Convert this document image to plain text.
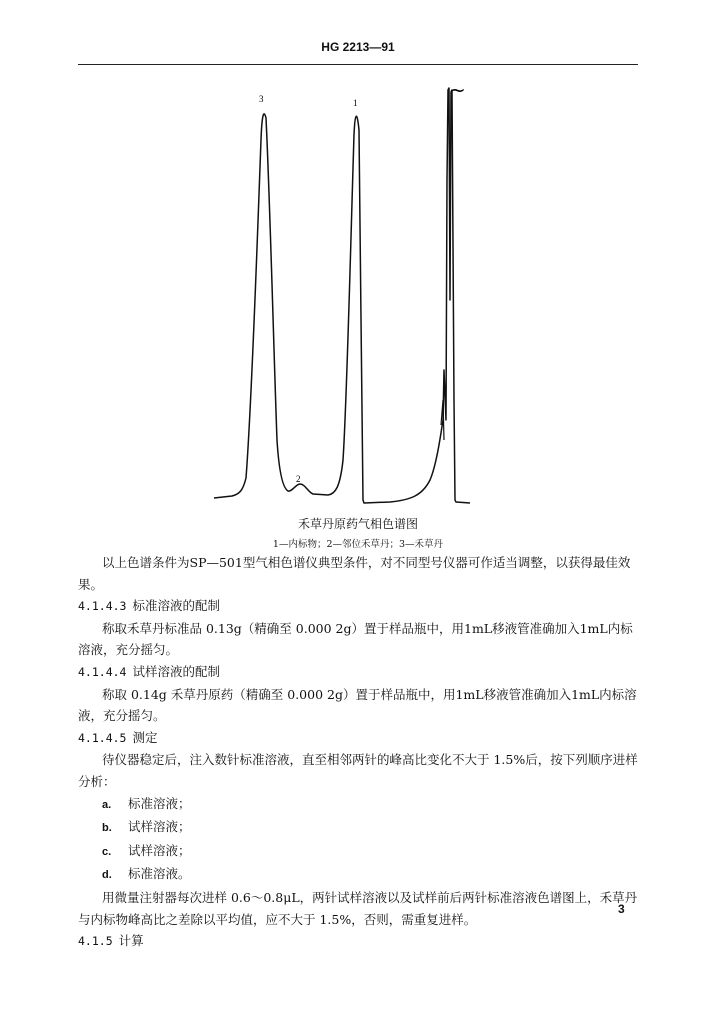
HG 2213—91
3	1
2
~
禾草丹原药气相色谱图
1—内标物；2—邻位禾草丹；3—禾草丹

以上色谱条件为SP—501型气相色谱仪典型条件，对不同型号仪器可作适当调整，以获得最佳效果。

4.1.4.3 标准溶液的配制

称取禾草丹标准品 0.13g（精确至 0.000 2g）置于样品瓶中，用1mL移液管准确加入1mL内标溶液，充分摇匀。

4.1.4.4 试样溶液的配制

称取 0.14g 禾草丹原药（精确至 0.000 2g）置于样品瓶中，用1mL移液管准确加入1mL内标溶液，充分摇匀。

4.1.4.5 测定

待仪器稳定后，注入数针标准溶液，直至相邻两针的峰高比变化不大于 1.5%后，按下列顺序进样分析：

a. 标准溶液；

b. 试样溶液；

c. 试样溶液；

d. 标准溶液。

用微量注射器每次进样 0.6～0.8μL，两针试样溶液以及试样前后两针标准溶液色谱图上，禾草丹与内标物峰高比之差除以平均值，应不大于 1.5%，否则，需重复进样。

4.1.5 计算

3
